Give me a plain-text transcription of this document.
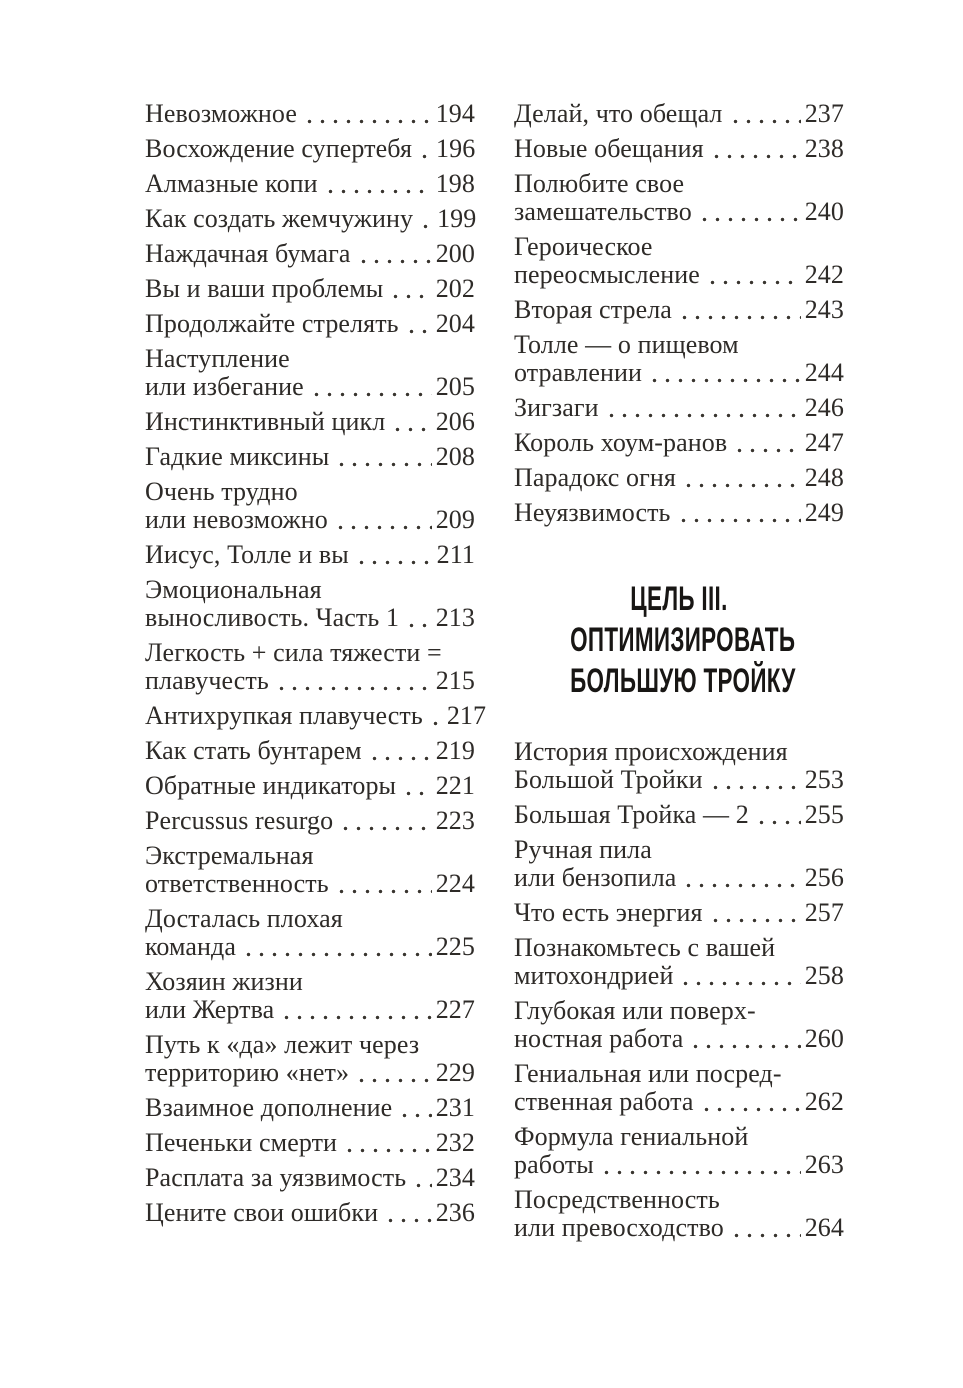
Невозможное	194
Восхождение супертебя 196
Алмазные копи	198
Как создать жемчужину 199
Наждачная бумага	200
Вы и ваши проблемы 202
Продолжайте стрелять 204
Наступление
или избегание	205
Инстинктивный цикл 206
Гадкие миксины	208
Очень трудно
или невозможно	209
Иисус, Толле и вы	211
Эмоциональная
выносливость. Часть 1 213
Легкость + сила тяжести =
плавучесть	215
Антихрупкая плавучесть 217
Как стать бунтарем	219
Обратные индикаторы 221
Percussus resurgo	223
Экстремальная
ответственность	224
Досталась плохая
команда	225
Хозяин жизни
или Жертва	227
Путь к «да» лежит через
территорию «нет»	229
Взаимное дополнение 231
Печеньки смерти	232
Расплата за уязвимость 234
Цените свои ошибки 236
Делай, что обещал	237
Новые обещания	238
Полюбите свое
замешательство	240
Героическое
переосмысление	242
Вторая стрела	243
Толле — о пищевом
отравлении	244
Зигзаги	246
Король хоум-ранов	247
Парадокс огня	248
Неуязвимость	249
ЦЕЛЬ III.
ОПТИМИЗИРОВАТЬ
БОЛЬШУЮ ТРОЙКУ
История происхождения
Большой Тройки	253
Большая Тройка — 2 255
Ручная пила
или бензопила	256
Что есть энергия	257
Познакомьтесь с вашей
митохондрией	258
Глубокая или поверх-
ностная работа	260
Гениальная или посред-
ственная работа	262
Формула гениальной
работы	263
Посредственность
или превосходство	264
